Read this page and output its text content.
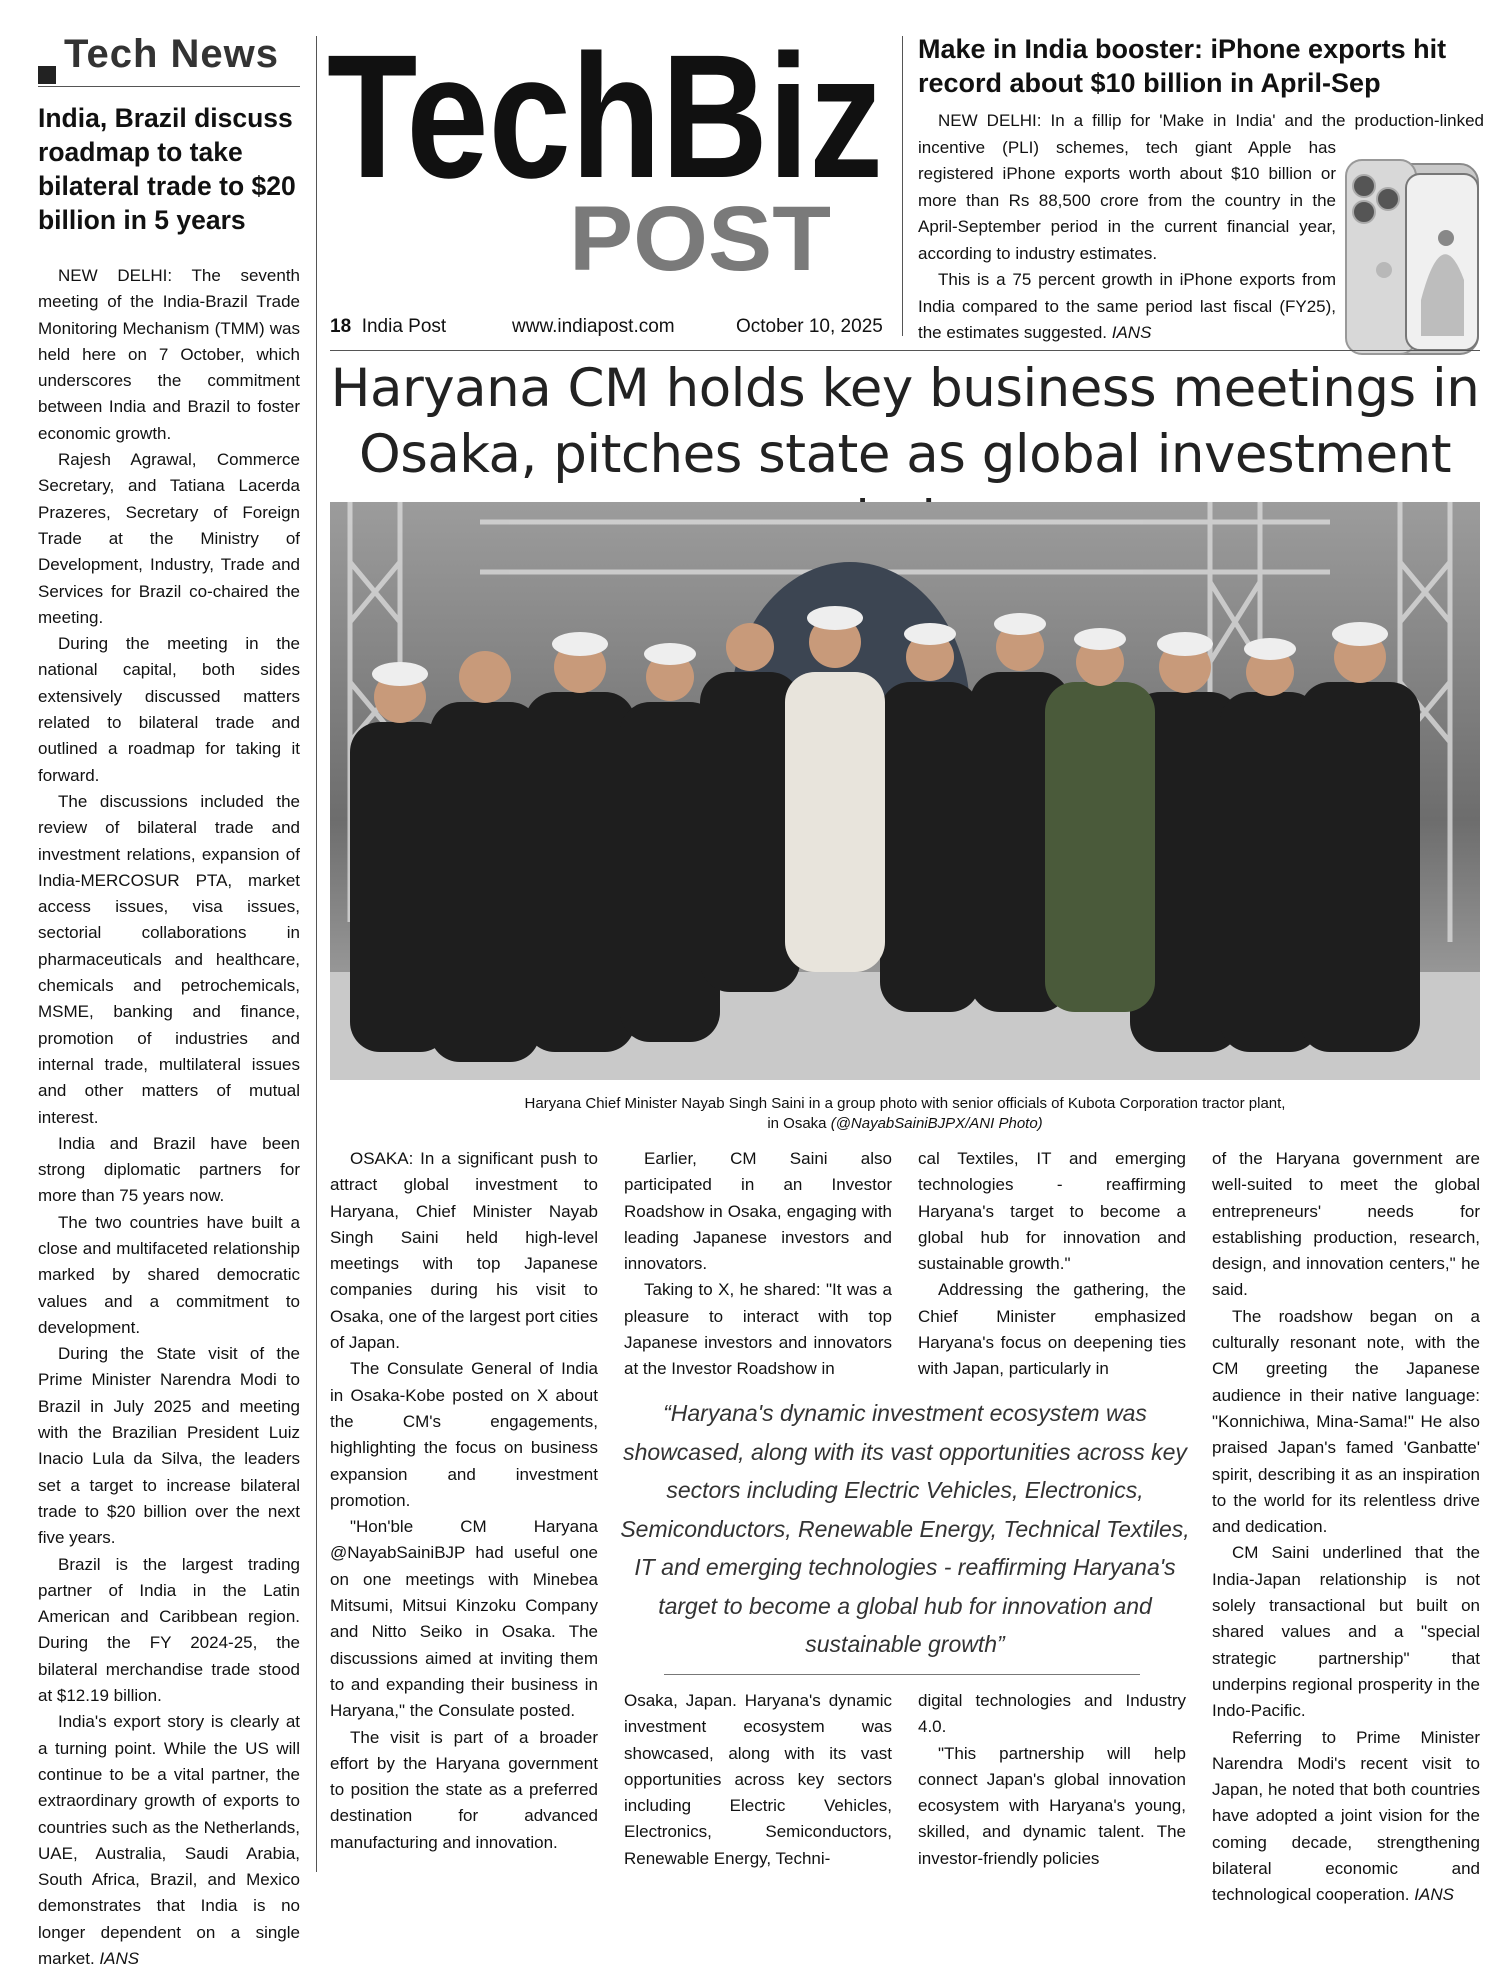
Tech News
India, Brazil discuss roadmap to take bilateral trade to $20 billion in 5 years

NEW DELHI: The seventh meeting of the India-Brazil Trade Monitoring Mechanism (TMM) was held here on 7 October, which underscores the commitment between India and Brazil to foster economic growth.

Rajesh Agrawal, Commerce Secretary, and Tatiana Lacerda Prazeres, Secretary of Foreign Trade at the Ministry of Development, Industry, Trade and Services for Brazil co-chaired the meeting.

During the meeting in the national capital, both sides extensively discussed matters related to bilateral trade and outlined a roadmap for taking it forward.

The discussions included the review of bilateral trade and investment relations, expansion of India-MERCOSUR PTA, market access issues, visa issues, sectorial collaborations in pharmaceuticals and healthcare, chemicals and petrochemicals, MSME, banking and finance, promotion of industries and internal trade, multilateral issues and other matters of mutual interest.

India and Brazil have been strong diplomatic partners for more than 75 years now.

The two countries have built a close and multifaceted relationship marked by shared democratic values and a commitment to development.

During the State visit of the Prime Minister Narendra Modi to Brazil in July 2025 and meeting with the Brazilian President Luiz Inacio Lula da Silva, the leaders set a target to increase bilateral trade to $20 billion over the next five years.

Brazil is the largest trading partner of India in the Latin American and Caribbean region. During the FY 2024-25, the bilateral merchandise trade stood at $12.19 billion.

India's export story is clearly at a turning point. While the US will continue to be a vital partner, the extraordinary growth of exports to countries such as the Netherlands, UAE, Australia, Saudi Arabia, South Africa, Brazil, and Mexico demonstrates that India is no longer dependent on a single market. IANS

TechBiz
POST
18 India Post	www.indiapost.com	October 10, 2025
Make in India booster: iPhone exports hit record about $10 billion in April-Sep

NEW DELHI: In a fillip for 'Make in India' and the production-linked incentive (PLI) schemes, tech giant Apple has registered iPhone exports worth about $10 billion or more than Rs 88,500 crore from the country in the April-September period in the current financial year, according to industry estimates.

This is a 75 percent growth in iPhone exports from India compared to the same period last fiscal (FY25), the estimates suggested. IANS

Haryana CM holds key business meetings in Osaka, pitches state as global investment
Haryana Chief Minister Nayab Singh Saini in a group photo with senior officials of Kubota Corporation tractor plant,
in Osaka (@NayabSainiBJPX/ANI Photo)

OSAKA: In a significant push to attract global investment to Haryana, Chief Minister Nayab Singh Saini held high-level meetings with top Japanese companies during his visit to Osaka, one of the largest port cities of Japan.

The Consulate General of India in Osaka-Kobe posted on X about the CM's engagements, highlighting the focus on business expansion and investment promotion.

"Hon'ble CM Haryana @NayabSainiBJP had useful one on one meetings with Minebea Mitsumi, Mitsui Kinzoku Company and Nitto Seiko in Osaka. The discussions aimed at inviting them to and expanding their business in Haryana," the Consulate posted.

The visit is part of a broader effort by the Haryana government to position the state as a preferred destination for advanced manufacturing and innovation.

Earlier, CM Saini also participated in an Investor Roadshow in Osaka, engaging with leading Japanese investors and innovators.

Taking to X, he shared: "It was a pleasure to interact with top Japanese investors and innovators at the Investor Roadshow in

cal Textiles, IT and emerging technologies - reaffirming Haryana's target to become a global hub for innovation and sustainable growth."

Addressing the gathering, the Chief Minister emphasized Haryana's focus on deepening ties with Japan, particularly in

“Haryana's dynamic investment ecosystem was showcased, along with its vast opportunities across key sectors including Electric Vehicles, Electronics, Semiconductors, Renewable Energy, Technical Textiles, IT and emerging technologies - reaffirming Haryana's target to become a global hub for innovation and sustainable growth”

Osaka, Japan. Haryana's dynamic investment ecosystem was showcased, along with its vast opportunities across key sectors including Electric Vehicles, Electronics, Semiconductors, Renewable Energy, Techni-

digital technologies and Industry 4.0.

"This partnership will help connect Japan's global innovation ecosystem with Haryana's young, skilled, and dynamic talent. The investor-friendly policies

of the Haryana government are well-suited to meet the global entrepreneurs' needs for establishing production, research, design, and innovation centers," he said.

The roadshow began on a culturally resonant note, with the CM greeting the Japanese audience in their native language: "Konnichiwa, Mina-Sama!" He also praised Japan's famed 'Ganbatte' spirit, describing it as an inspiration to the world for its relentless drive and dedication.

CM Saini underlined that the India-Japan relationship is not solely transactional but built on shared values and a "special strategic partnership" that underpins regional prosperity in the Indo-Pacific.

Referring to Prime Minister Narendra Modi's recent visit to Japan, he noted that both countries have adopted a joint vision for the coming decade, strengthening bilateral economic and technological cooperation. IANS
